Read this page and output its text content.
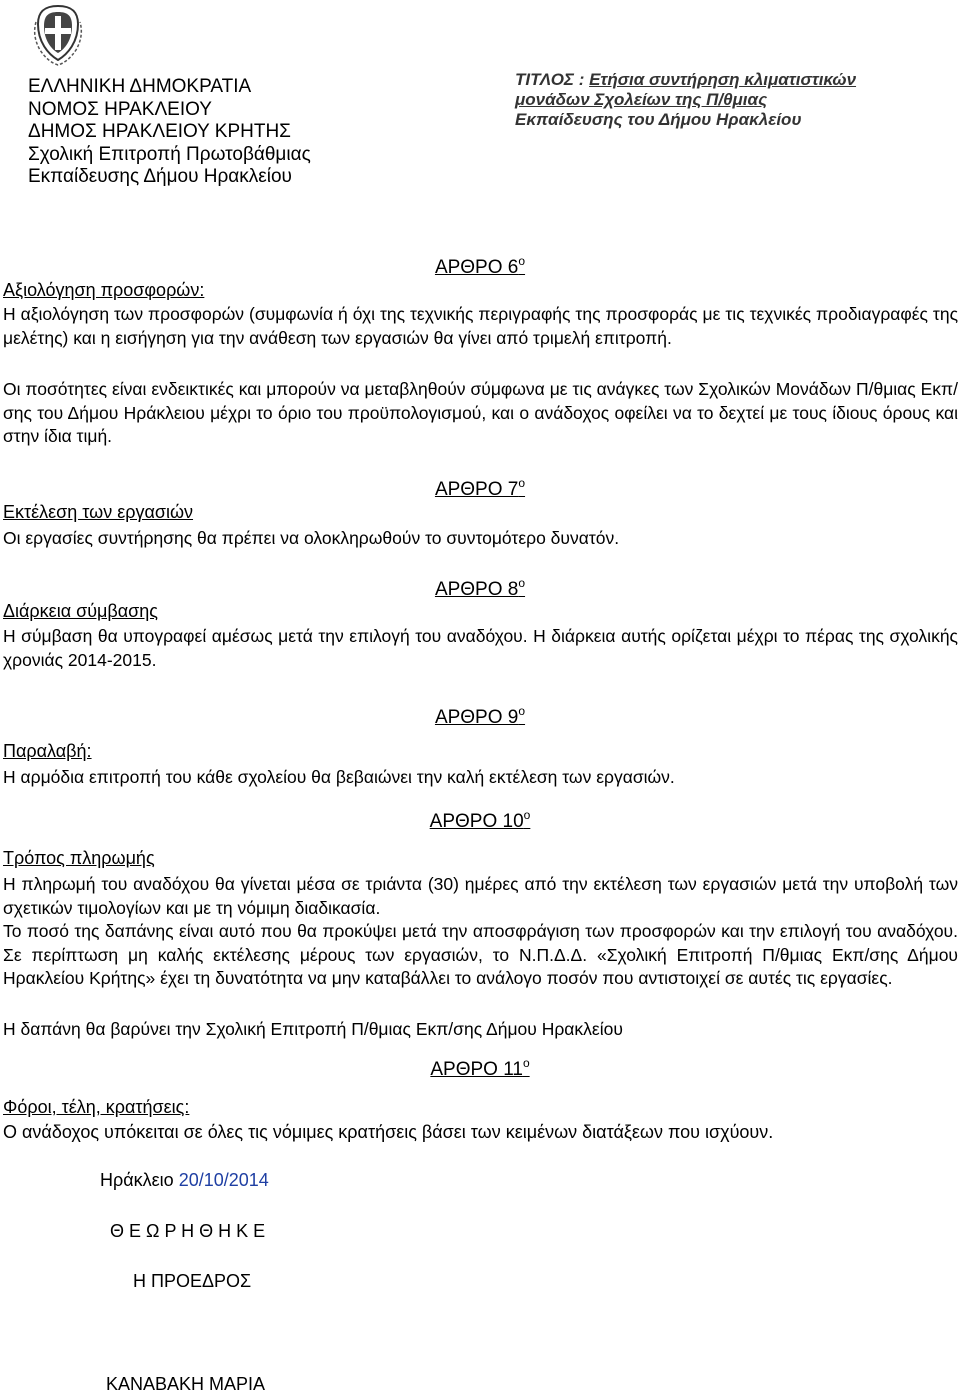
ΕΛΛΗΝΙΚΗ ΔΗΜΟΚΡΑΤΙΑ
ΝΟΜΟΣ ΗΡΑΚΛΕΙΟΥ
ΔΗΜΟΣ ΗΡΑΚΛΕΙΟΥ ΚΡΗΤΗΣ
Σχολική Επιτροπή Πρωτοβάθμιας
Εκπαίδευσης Δήμου Ηρακλείου
ΤΙΤΛΟΣ : Ετήσια συντήρηση κλιματιστικών
μονάδων Σχολείων της Π/θμιας
Εκπαίδευσης του Δήμου Ηρακλείου
ΑΡΘΡΟ $6^o$
Αξιολόγηση προσφορών:
Η αξιολόγηση των προσφορών (συμφωνία ή όχι της τεχνικής περιγραφής της προσφοράς με τις τεχνικές προδιαγραφές της μελέτης) και η εισήγηση για την ανάθεση των εργασιών θα γίνει από τριμελή επιτροπή.
Οι ποσότητες είναι ενδεικτικές και μπορούν να μεταβληθούν σύμφωνα με τις ανάγκες των Σχολικών Μονάδων Π/θμιας Εκπ/σης του Δήμου Ηράκλειου μέχρι το όριο του προϋπολογισμού, και ο ανάδοχος οφείλει να το δεχτεί με τους ίδιους όρους και στην ίδια τιμή.
ΑΡΘΡΟ $7^o$
Εκτέλεση των εργασιών
Οι εργασίες συντήρησης θα πρέπει να ολοκληρωθούν το συντομότερο δυνατόν.
ΑΡΘΡΟ $8^o$
Διάρκεια σύμβασης
Η σύμβαση θα υπογραφεί αμέσως μετά την επιλογή του αναδόχου. Η διάρκεια αυτής ορίζεται μέχρι το πέρας της σχολικής χρονιάς 2014-2015.
ΑΡΘΡΟ $9^o$
Παραλαβή:
Η αρμόδια επιτροπή του κάθε σχολείου θα βεβαιώνει την καλή εκτέλεση των εργασιών.
ΑΡΘΡΟ $10^o$
Τρόπος πληρωμής
Η πληρωμή του αναδόχου θα γίνεται μέσα σε τριάντα (30) ημέρες από την εκτέλεση των εργασιών μετά την υποβολή των σχετικών τιμολογίων και με τη νόμιμη διαδικασία.
Το ποσό της δαπάνης είναι αυτό που θα προκύψει μετά την αποσφράγιση των προσφορών και την επιλογή του αναδόχου. Σε περίπτωση μη καλής εκτέλεσης μέρους των εργασιών, το Ν.Π.Δ.Δ. «Σχολική Επιτροπή Π/θμιας Εκπ/σης Δήμου Ηρακλείου Κρήτης» έχει τη δυνατότητα να μην καταβάλλει το ανάλογο ποσόν που αντιστοιχεί σε αυτές τις εργασίες.
Η δαπάνη θα βαρύνει την Σχολική Επιτροπή Π/θμιας Εκπ/σης Δήμου Ηρακλείου
ΑΡΘΡΟ $11^o$
Φόροι, τέλη, κρατήσεις:
Ο ανάδοχος υπόκειται σε όλες τις νόμιμες κρατήσεις βάσει των κειμένων διατάξεων που ισχύουν.
Ηράκλειο 20/10/2014
Θ Ε Ω Ρ Η Θ Η Κ Ε
Η ΠΡΟΕΔΡΟΣ
ΚΑΝΑΒΑΚΗ ΜΑΡΙΑ
